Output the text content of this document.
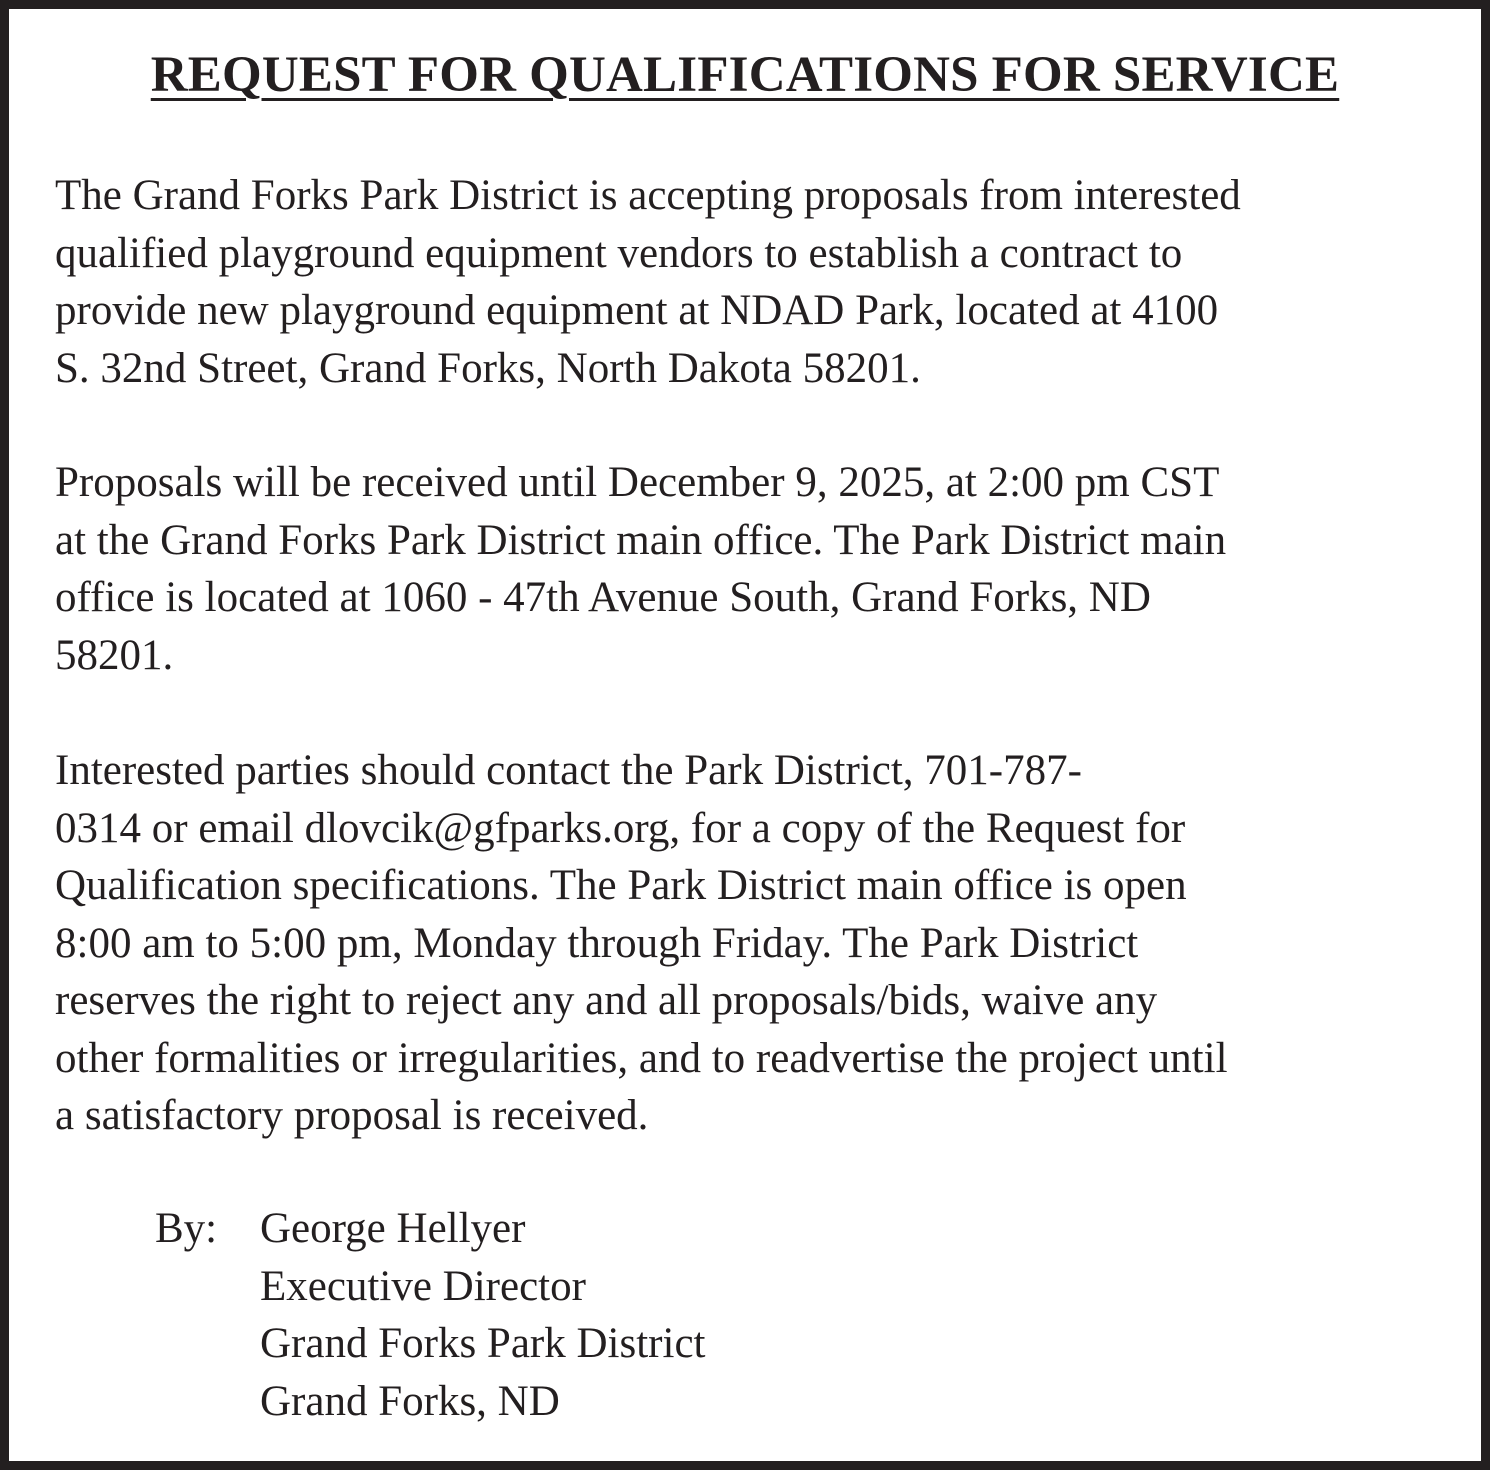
REQUEST FOR QUALIFICATIONS FOR SERVICE

The Grand Forks Park District is accepting proposals from interested
qualified playground equipment vendors to establish a contract to
provide new playground equipment at NDAD Park, located at 4100
S. 32nd Street, Grand Forks, North Dakota 58201.

Proposals will be received until December 9, 2025, at 2:00 pm CST
at the Grand Forks Park District main office. The Park District main
office is located at 1060 - 47th Avenue South, Grand Forks, ND
58201.

Interested parties should contact the Park District, 701-787-
0314 or email dlovcik@gfparks.org, for a copy of the Request for
Qualification specifications. The Park District main office is open
8:00 am to 5:00 pm, Monday through Friday. The Park District
reserves the right to reject any and all proposals/bids, waive any
other formalities or irregularities, and to readvertise the project until
a satisfactory proposal is received.

By: George Hellyer
Executive Director
Grand Forks Park District
Grand Forks, ND
